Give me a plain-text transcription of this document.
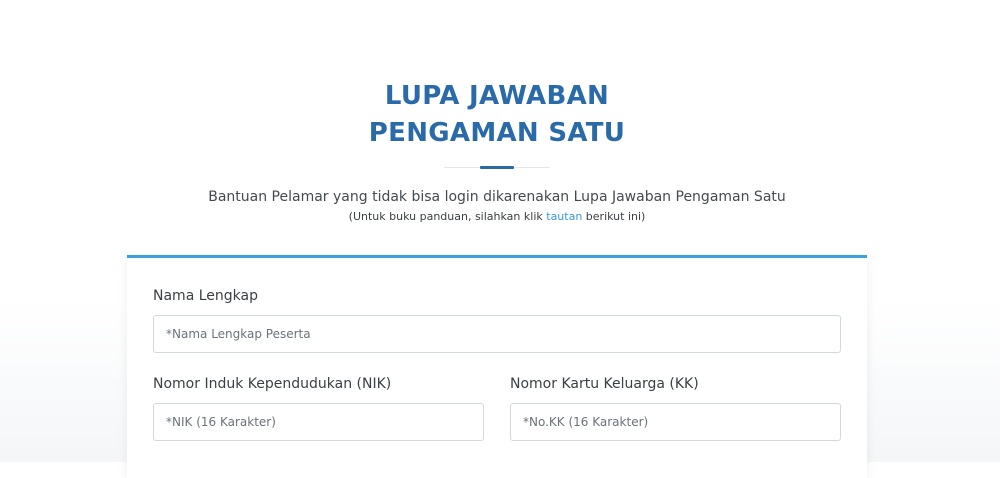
LUPA JAWABAN
PENGAMAN SATU
Bantuan Pelamar yang tidak bisa login dikarenakan Lupa Jawaban Pengaman Satu
(Untuk buku panduan, silahkan klik tautan berikut ini)
Nama Lengkap
*Nama Lengkap Peserta
Nomor Induk Kependudukan (NIK)
*NIK (16 Karakter)	Nomor Kartu Keluarga (KK)
*No.KK (16 Karakter)
